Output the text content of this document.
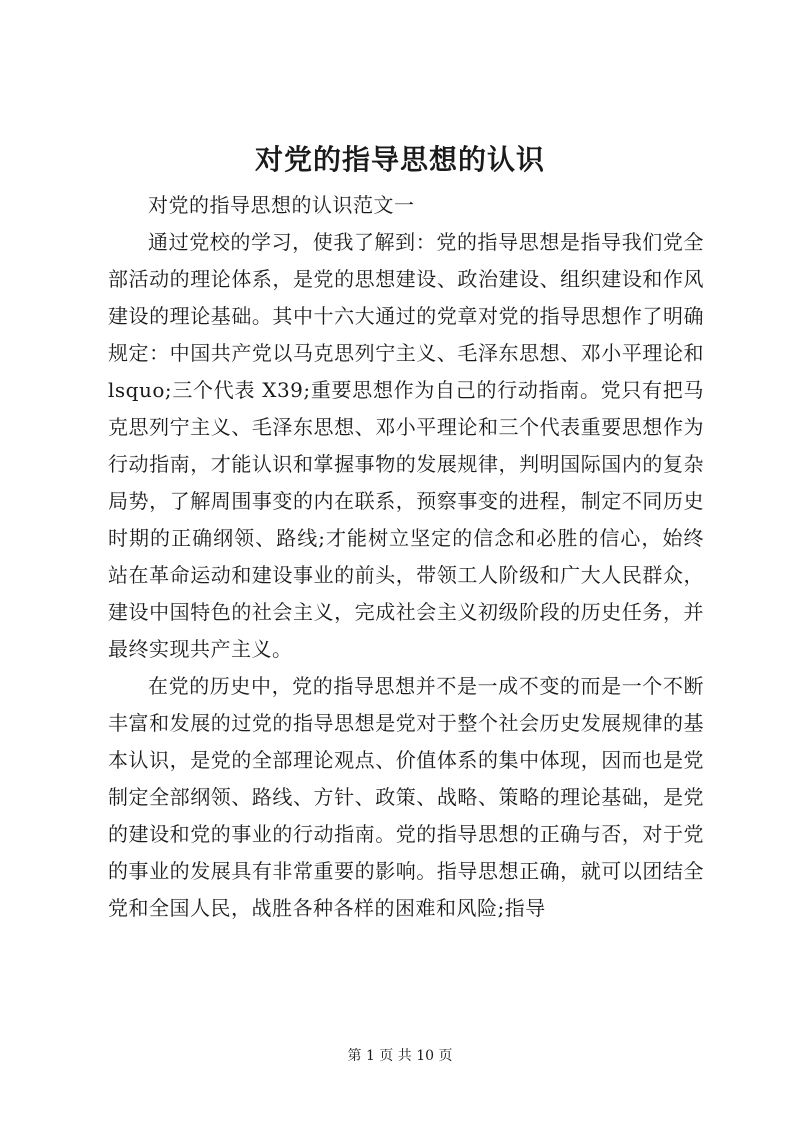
对党的指导思想的认识

对党的指导思想的认识范文一

通过党校的学习，使我了解到：党的指导思想是指导我们党全部活动的理论体系，是党的思想建设、政治建设、组织建设和作风建设的理论基础。其中十六大通过的党章对党的指导思想作了明确规定：中国共产党以马克思列宁主义、毛泽东思想、邓小平理论和 lsquo;三个代表 X39;重要思想作为自己的行动指南。党只有把马克思列宁主义、毛泽东思想、邓小平理论和三个代表重要思想作为行动指南，才能认识和掌握事物的发展规律，判明国际国内的复杂局势，了解周围事变的内在联系，预察事变的进程，制定不同历史时期的正确纲领、路线;才能树立坚定的信念和必胜的信心，始终站在革命运动和建设事业的前头，带领工人阶级和广大人民群众，建设中国特色的社会主义，完成社会主义初级阶段的历史任务，并最终实现共产主义。

在党的历史中，党的指导思想并不是一成不变的而是一个不断丰富和发展的过党的指导思想是党对于整个社会历史发展规律的基本认识，是党的全部理论观点、价值体系的集中体现，因而也是党制定全部纲领、路线、方针、政策、战略、策略的理论基础，是党的建设和党的事业的行动指南。党的指导思想的正确与否，对于党的事业的发展具有非常重要的影响。指导思想正确，就可以团结全党和全国人民，战胜各种各样的困难和风险;指导

第 1 页 共 10 页
